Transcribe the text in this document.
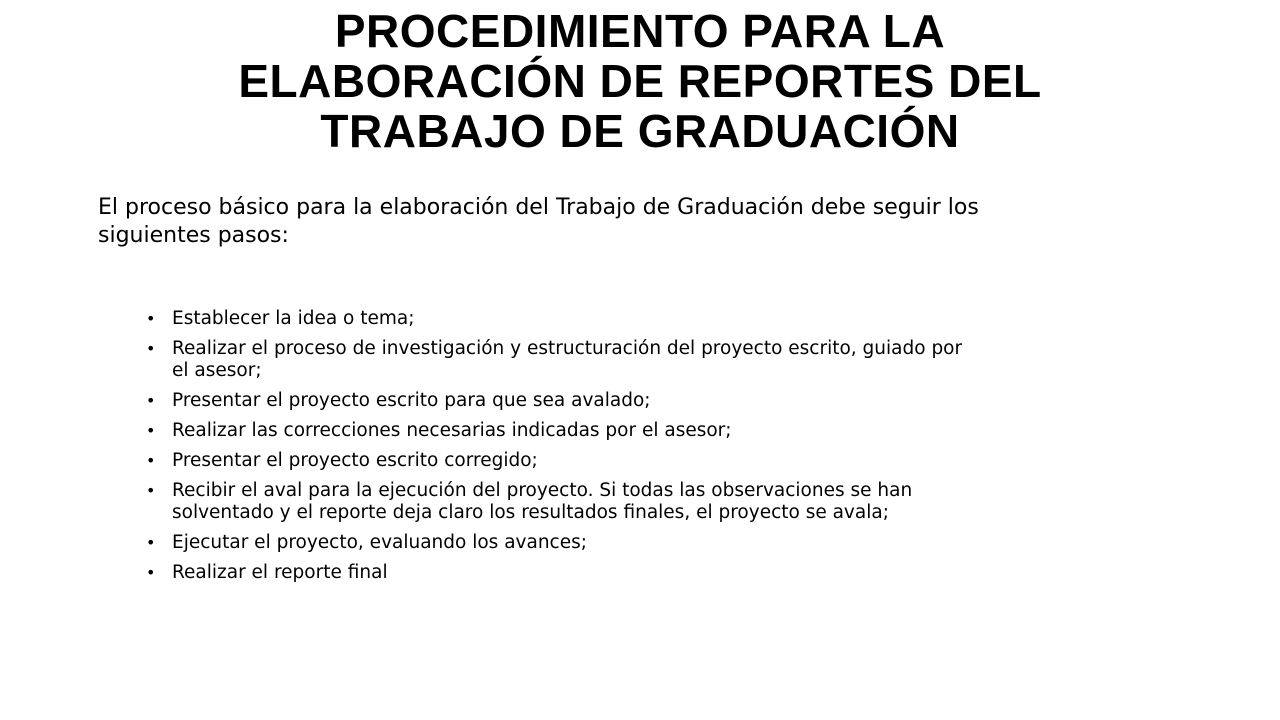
PROCEDIMIENTO PARA LA
ELABORACIÓN DE REPORTES DEL
TRABAJO DE GRADUACIÓN

El proceso básico para la elaboración del Trabajo de Graduación debe seguir los
siguientes pasos:

• Establecer la idea o tema;
• Realizar el proceso de investigación y estructuración del proyecto escrito, guiado por
el asesor;
• Presentar el proyecto escrito para que sea avalado;
• Realizar las correcciones necesarias indicadas por el asesor;
• Presentar el proyecto escrito corregido;
• Recibir el aval para la ejecución del proyecto. Si todas las observaciones se han
solventado y el reporte deja claro los resultados finales, el proyecto se avala;
• Ejecutar el proyecto, evaluando los avances;
• Realizar el reporte final
